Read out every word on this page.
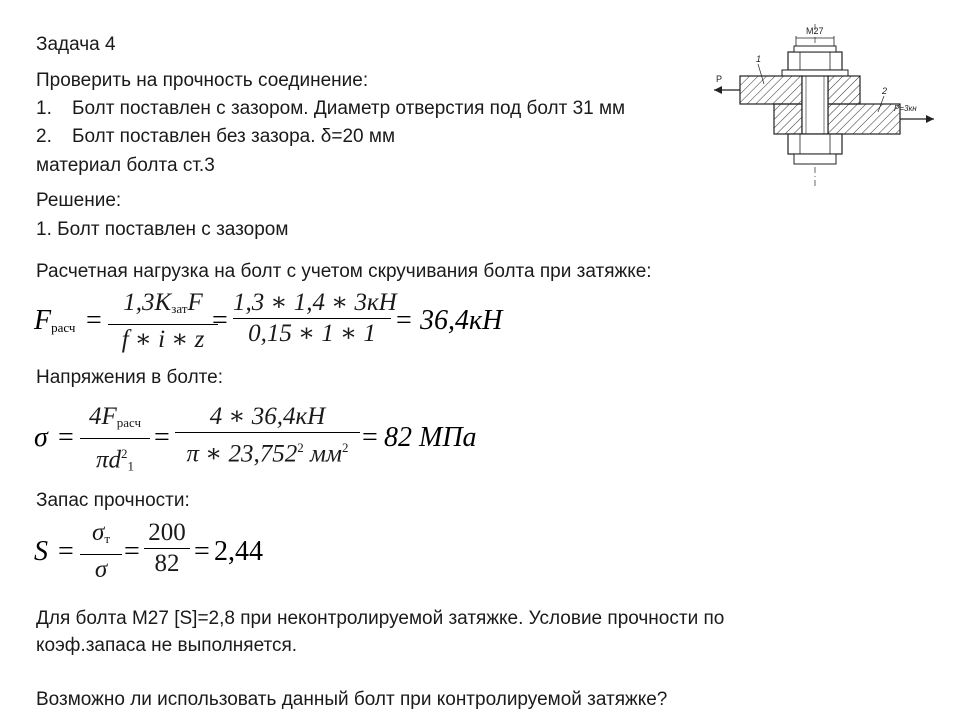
Задача 4
Проверить на прочность соединение:
1. Болт поставлен с зазором. Диаметр отверстия под болт 31 мм
2. Болт поставлен без зазора. δ=20 мм
материал болта ст.3
Решение:
1. Болт поставлен с зазором
Расчетная нагрузка на болт с учетом скручивания болта при затяжке:
$F_{расч}$ =
$1,3K_{зат}F$
f ∗ i ∗ z
=
1,3 ∗ 1,4 ∗ 3кН
0,15 ∗ 1 ∗ 1 = 36,4кН
Напряжения в болте:
σ =
$4F_{расч}$
$\pi d^2_1$
=
4 ∗ 36,4кН
π ∗ 23,752$^2$ $мм^2 = 82$ МПа
Запас прочности:
S =
$\sigma_т$
σ
=
200
82 = 2,44
Для болта М27 [S]=2,8 при неконтролируемой затяжке. Условие прочности по
коэф.запаса не выполняется.
Возможно ли использовать данный болт при контролируемой затяжке?
M27
P
1
2
P=3кн
